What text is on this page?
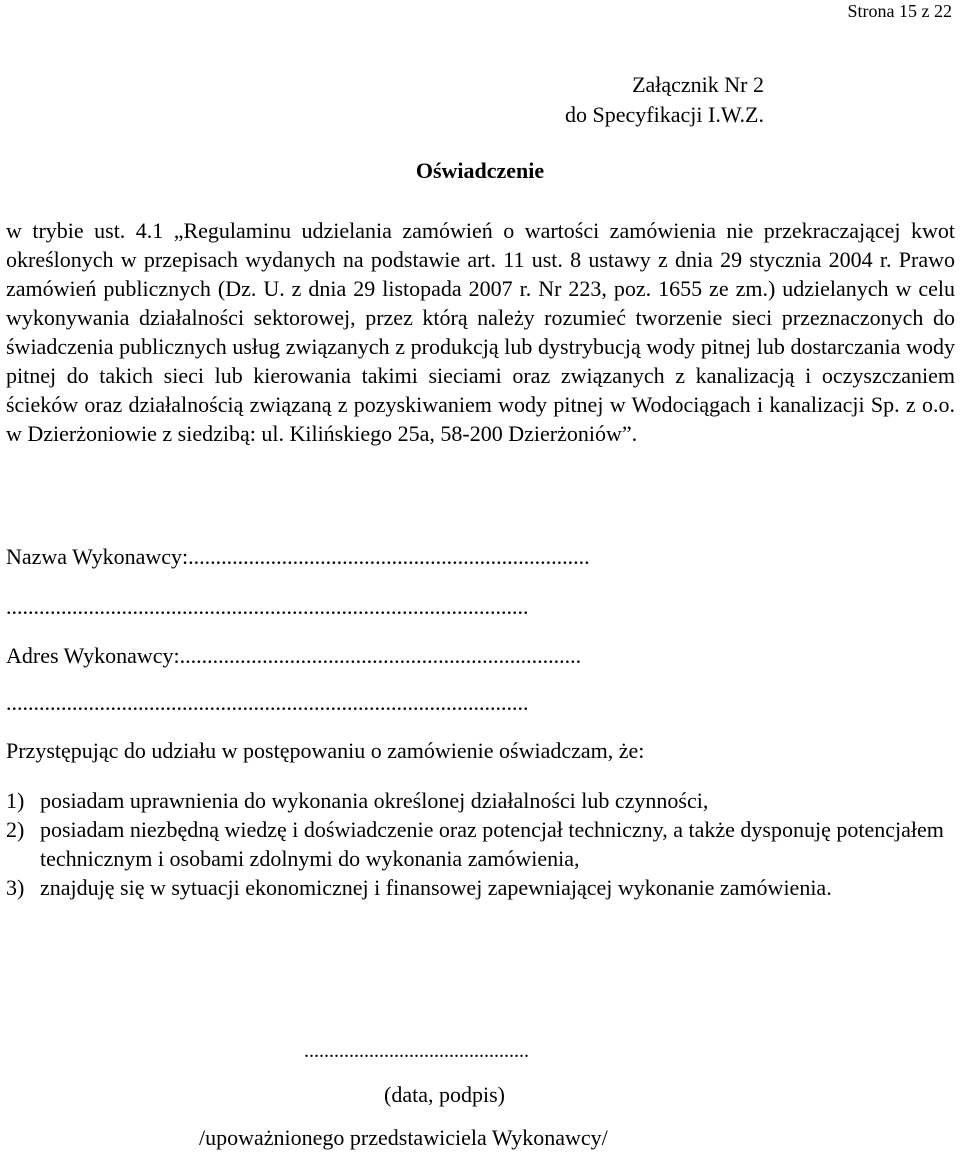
Strona 15 z 22
Załącznik Nr 2
do Specyfikacji I.W.Z.
Oświadczenie
w trybie ust. 4.1 „Regulaminu udzielania zamówień o wartości zamówienia nie przekraczającej kwot określonych w przepisach wydanych na podstawie art. 11 ust. 8 ustawy z dnia 29 stycznia 2004 r. Prawo zamówień publicznych (Dz. U. z dnia 29 listopada 2007 r. Nr 223, poz. 1655 ze zm.) udzielanych w celu wykonywania działalności sektorowej, przez którą należy rozumieć tworzenie sieci przeznaczonych do świadczenia publicznych usług związanych z produkcją lub dystrybucją wody pitnej lub dostarczania wody pitnej do takich sieci lub kierowania takimi sieciami oraz związanych z kanalizacją i oczyszczaniem ścieków oraz działalnością związaną z pozyskiwaniem wody pitnej w Wodociągach i kanalizacji Sp. z o.o. w Dzierżoniowie z siedzibą: ul. Kilińskiego 25a, 58-200 Dzierżoniów”.
Nazwa Wykonawcy:.........................................................................
...............................................................................................
Adres Wykonawcy:.........................................................................
...............................................................................................
Przystępując do udziału w postępowaniu o zamówienie oświadczam, że:
1) posiadam uprawnienia do wykonania określonej działalności lub czynności,
2) posiadam niezbędną wiedzę i doświadczenie oraz potencjał techniczny, a także dysponuję potencjałem technicznym i osobami zdolnymi do wykonania zamówienia,
3) znajduję się w sytuacji ekonomicznej i finansowej zapewniającej wykonanie zamówienia.
.............................................
(data, podpis)
/upoważnionego przedstawiciela Wykonawcy/
